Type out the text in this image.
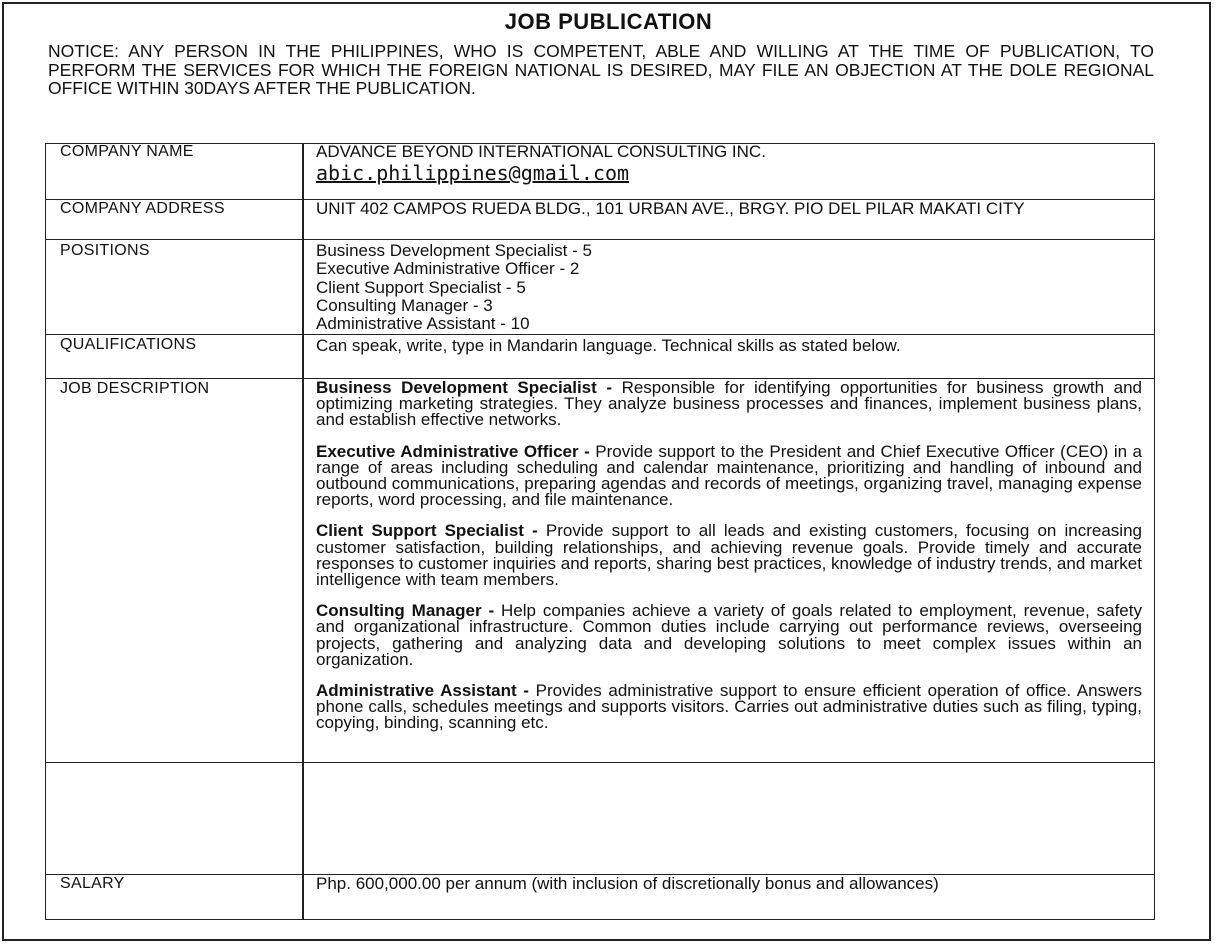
JOB PUBLICATION
NOTICE: ANY PERSON IN THE PHILIPPINES, WHO IS COMPETENT, ABLE AND WILLING AT THE TIME OF PUBLICATION, TO PERFORM THE SERVICES FOR WHICH THE FOREIGN NATIONAL IS DESIRED, MAY FILE AN OBJECTION AT THE DOLE REGIONAL OFFICE WITHIN 30DAYS AFTER THE PUBLICATION.
COMPANY NAME	ADVANCE BEYOND INTERNATIONAL CONSULTING INC.
abic.philippines@gmail.com
COMPANY ADDRESS	UNIT 402 CAMPOS RUEDA BLDG., 101 URBAN AVE., BRGY. PIO DEL PILAR MAKATI CITY
POSITIONS	Business Development Specialist - 5
Executive Administrative Officer - 2
Client Support Specialist - 5
Consulting Manager - 3
Administrative Assistant - 10
QUALIFICATIONS	Can speak, write, type in Mandarin language. Technical skills as stated below.
JOB DESCRIPTION	Business Development Specialist - Responsible for identifying opportunities for business growth and optimizing marketing strategies. They analyze business processes and finances, implement business plans, and establish effective networks.
Executive Administrative Officer - Provide support to the President and Chief Executive Officer (CEO) in a range of areas including scheduling and calendar maintenance, prioritizing and handling of inbound and outbound communications, preparing agendas and records of meetings, organizing travel, managing expense reports, word processing, and file maintenance.
Client Support Specialist - Provide support to all leads and existing customers, focusing on increasing customer satisfaction, building relationships, and achieving revenue goals. Provide timely and accurate responses to customer inquiries and reports, sharing best practices, knowledge of industry trends, and market intelligence with team members.
Consulting Manager - Help companies achieve a variety of goals related to employment, revenue, safety and organizational infrastructure. Common duties include carrying out performance reviews, overseeing projects, gathering and analyzing data and developing solutions to meet complex issues within an organization.
Administrative Assistant - Provides administrative support to ensure efficient operation of office. Answers phone calls, schedules meetings and supports visitors. Carries out administrative duties such as filing, typing, copying, binding, scanning etc.
SALARY	Php. 600,000.00 per annum (with inclusion of discretionally bonus and allowances)
